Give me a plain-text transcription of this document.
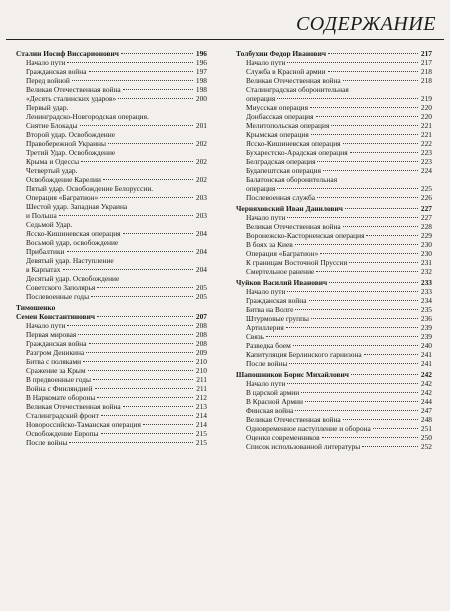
СОДЕРЖАНИЕ
Сталин Иосиф Виссарионович	196
Начало пути	196
Гражданская война	197
Перед войной	198
Великая Отечественная война	198
«Десять сталинских ударов»	200
Первый удар.
Ленинградско-Новгородская операция.
Снятие Блокады	201
Второй удар. Освобождение
Правобережной Украины	202
Третий Удар. Освобождение
Крыма и Одессы	202
Четвертый удар.
Освобождение Карелии	202
Пятый удар. Освобождение Белоруссии.
Операция «Багратион»	203
Шестой удар. Западная Украина
и Польша	203
Седьмой Удар.
Ясско-Кишиневская операция	204
Восьмой удар, освобождение
Прибалтики	204
Девятый удар. Наступление
в Карпатах	204
Десятый удар. Освобождение
Советского Заполярья	205
Послевоенные годы	205
Тимошенко
Семен Константинович	207
Начало пути	208
Первая мировая	208
Гражданская война	208
Разгром Деникина	209
Битва с поляками	210
Сражение за Крым	210
В предвоенные годы	211
Война с Финляндией	211
В Наркомате обороны	212
Великая Отечественная война	213
Сталинградский фронт	214
Новороссийско-Таманская операция	214
Освобождение Европы	215
После войны	215
Толбухин Федор Иванович	217
Начало пути	217
Служба в Красной армии	218
Великая Отечественная война	218
Сталинградская оборонительная
операция	219
Миусская операция	220
Донбасская операция	220
Мелитопольская операция	221
Крымская операция	221
Ясско-Кишиневская операция	222
Бухарестско-Арадская операция	223
Белградская операция	223
Будапештская операция	224
Балатонская оборонительная
операция	225
Послевоенная служба	226
Черняховский Иван Данилович	227
Начало пути	227
Великая Отечественная война	228
Воронежско-Касторненская операция	229
В боях за Киев	230
Операция «Багратион»	230
К границам Восточной Пруссии	231
Смертельное ранение	232
Чуйков Василий Иванович	233
Начало пути	233
Гражданская война	234
Битва на Волге	235
Штурмовые группы	236
Артиллерия	239
Связь	239
Разведка боем	240
Капитуляция Берлинского гарнизона	241
После войны	241
Шапошников Борис Михайлович	242
Начало пути	242
В царской армии	242
В Красной Армии	244
Финская война	247
Великая Отечественная война	248
Одновременное наступление и оборона	251
Оценки современников	250
Список использованной литературы	252
